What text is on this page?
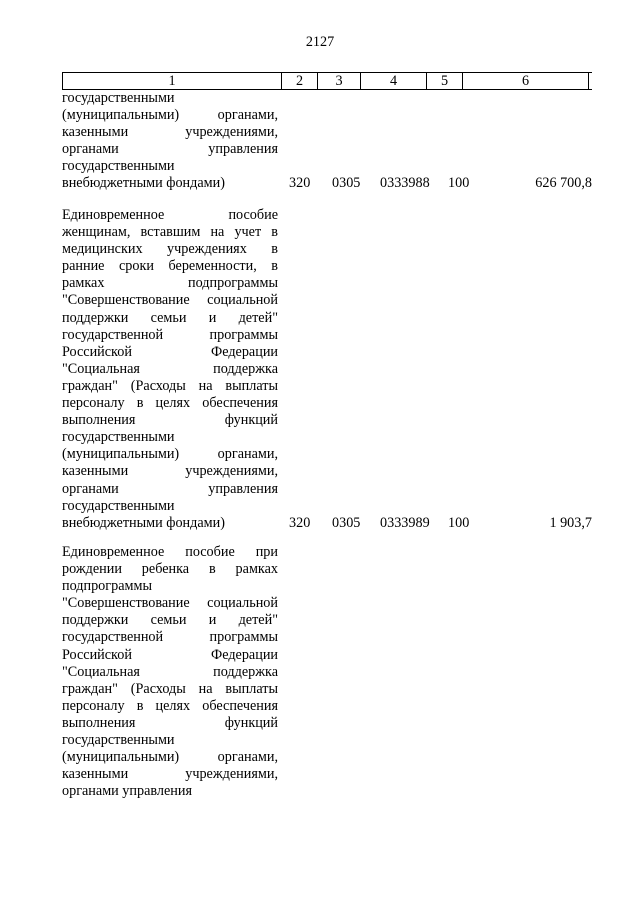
2127
1	2	3	4	5	6
государственными
(муниципальными) органами,
казенными учреждениями,
органами управления
государственными
внебюджетными фондами)	320 0305 0333988 100	626 700,8
Единовременное пособие
женщинам, вставшим на учет в
медицинских учреждениях в
ранние сроки беременности, в
рамках подпрограммы
"Совершенствование социальной
поддержки семьи и детей"
государственной программы
Российской Федерации
"Социальная поддержка
граждан" (Расходы на выплаты
персоналу в целях обеспечения
выполнения функций
государственными
(муниципальными) органами,
казенными учреждениями,
органами управления
государственными
внебюджетными фондами)	320 0305 0333989 100	1 903,7
Единовременное пособие при
рождении ребенка в рамках
подпрограммы
"Совершенствование социальной
поддержки семьи и детей"
государственной программы
Российской Федерации
"Социальная поддержка
граждан" (Расходы на выплаты
персоналу в целях обеспечения
выполнения функций
государственными
(муниципальными) органами,
казенными учреждениями,
органами управления
